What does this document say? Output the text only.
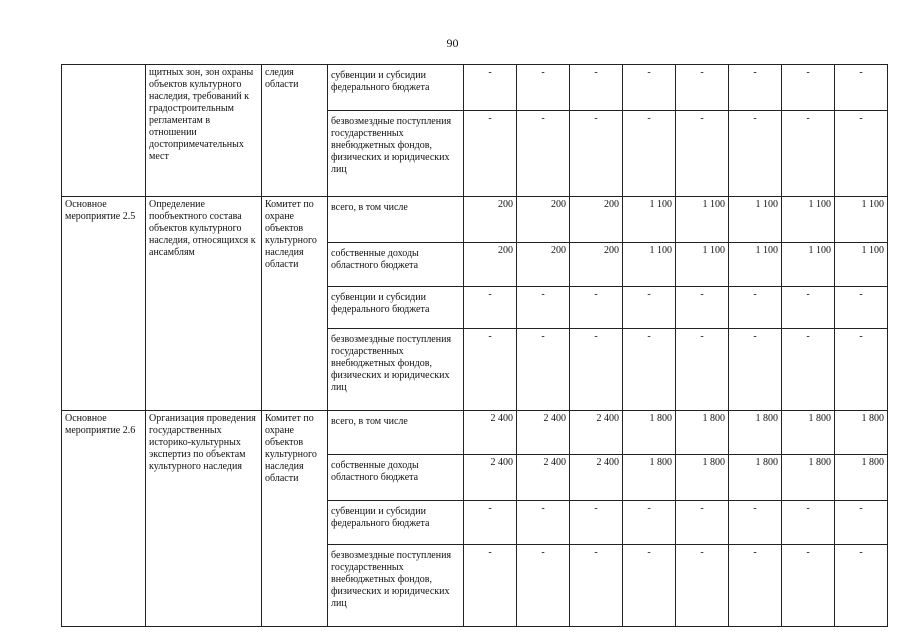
90
	щитных зон, зон охраны объектов культурного наследия, требований к градостроительным регламентам в отношении достопримечательных мест	следия области	субвенции и субсидии федерального бюджета	-	-	-	-	-	-	-	-
			безвозмездные поступления государственных внебюджетных фондов, физических и юридических лиц	-	-	-	-	-	-	-	-
Основное мероприятие 2.5	Определение пообъектного состава объектов культурного наследия, относящихся к ансамблям	Комитет по охране объектов культурного наследия области	всего, в том числе	200	200	200	1 100	1 100	1 100	1 100	1 100
			собственные доходы областного бюджета	200	200	200	1 100	1 100	1 100	1 100	1 100
			субвенции и субсидии федерального бюджета	-	-	-	-	-	-	-	-
			безвозмездные поступления государственных внебюджетных фондов, физических и юридических лиц	-	-	-	-	-	-	-	-
Основное мероприятие 2.6	Организация проведения государственных историко-культурных экспертиз по объектам культурного наследия	Комитет по охране объектов культурного наследия области	всего, в том числе	2 400	2 400	2 400	1 800	1 800	1 800	1 800	1 800
			собственные доходы областного бюджета	2 400	2 400	2 400	1 800	1 800	1 800	1 800	1 800
			субвенции и субсидии федерального бюджета	-	-	-	-	-	-	-	-
			безвозмездные поступления государственных внебюджетных фондов, физических и юридических лиц	-	-	-	-	-	-	-	-
